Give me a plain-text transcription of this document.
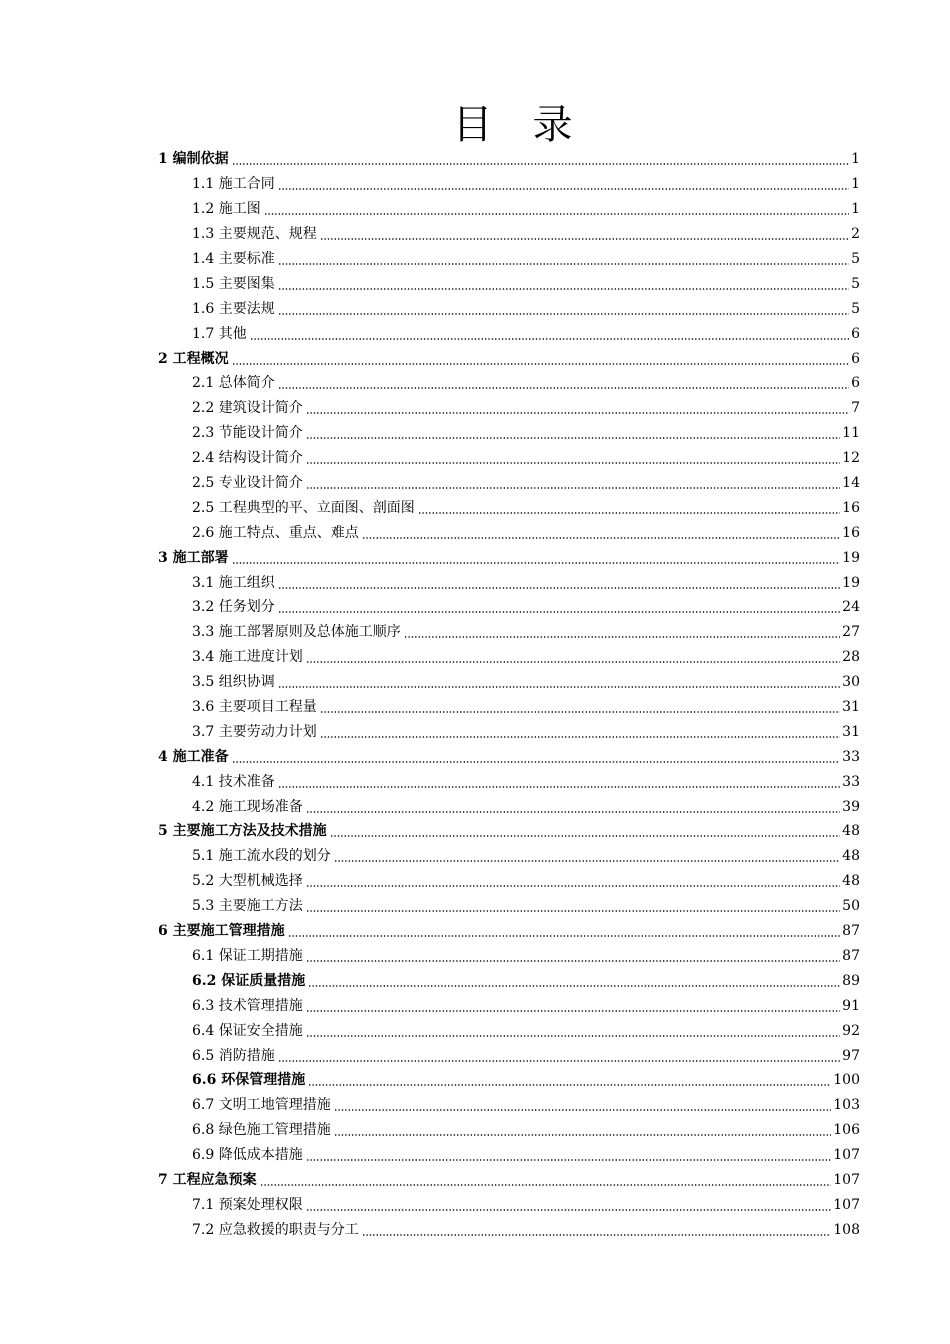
目　录
1 编制依据	1
1.1 施工合同	1
1.2 施工图	1
1.3 主要规范、规程	2
1.4 主要标准	5
1.5 主要图集	5
1.6 主要法规	5
1.7 其他	6
2 工程概况	6
2.1 总体简介	6
2.2 建筑设计简介	7
2.3 节能设计简介	11
2.4 结构设计简介	12
2.5 专业设计简介	14
2.5 工程典型的平、立面图、剖面图	16
2.6 施工特点、重点、难点	16
3 施工部署	19
3.1 施工组织	19
3.2 任务划分	24
3.3 施工部署原则及总体施工顺序	27
3.4 施工进度计划	28
3.5 组织协调	30
3.6 主要项目工程量	31
3.7 主要劳动力计划	31
4 施工准备	33
4.1 技术准备	33
4.2 施工现场准备	39
5 主要施工方法及技术措施	48
5.1 施工流水段的划分	48
5.2 大型机械选择	48
5.3 主要施工方法	50
6 主要施工管理措施	87
6.1 保证工期措施	87
6.2 保证质量措施	89
6.3 技术管理措施	91
6.4 保证安全措施	92
6.5 消防措施	97
6.6 环保管理措施	100
6.7 文明工地管理措施	103
6.8 绿色施工管理措施	106
6.9 降低成本措施	107
7 工程应急预案	107
7.1 预案处理权限	107
7.2 应急救援的职责与分工	108
